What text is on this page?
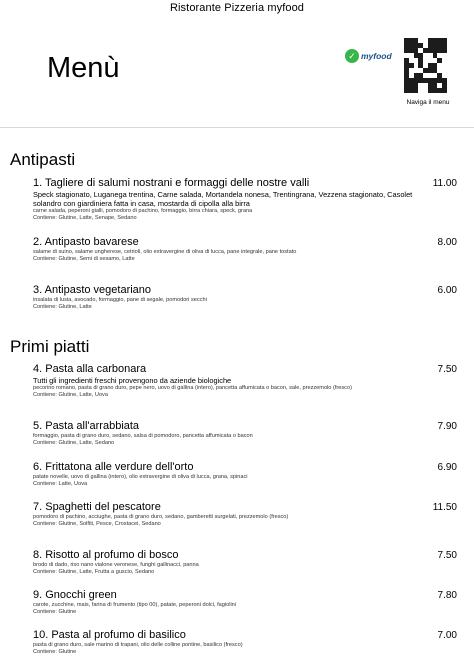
Ristorante Pizzeria myfood
Menù	✓ myfood
Naviga il menu
Antipasti
1. Tagliere di salumi nostrani e formaggi delle nostre valli
Speck stagionato, Luganega trentina, Carne salada, Mortandela nonesa, Trentingrana, Vezzena stagionato, Casolet solandro con giardiniera fatta in casa, mostarda di cipolla alla birra
carne salada, peperoni gialli, pomodoro di pachino, formaggio, birra chiara, speck, grana
Contiene: Glutine, Latte, Senape, Sedano
11.00
2. Antipasto bavarese
salame di suino, salame ungherese, cetrioli, olio extravergine di oliva di lucca, pane integrale, pane tostato
Contiene: Glutine, Semi di sesamo, Latte
8.00
3. Antipasto vegetariano
insalata di lusia, avocado, formaggio, pane di segale, pomodori secchi
Contiene: Glutine, Latte
6.00
Primi piatti
4. Pasta alla carbonara
Tutti gli ingredienti freschi provengono da aziende biologiche
pecorino romano, pasta di grano duro, pepe nero, uovo di gallina (intero), pancetta affumicata o bacon, sale, prezzemolo (fresco)
Contiene: Glutine, Latte, Uova
7.50
5. Pasta all'arrabbiata
formaggio, pasta di grano duro, sedano, salsa di pomodoro, pancetta affumicata o bacon
Contiene: Glutine, Latte, Sedano
7.90
6. Frittatona alle verdure dell'orto
patate novelle, uovo di gallina (intero), olio extravergine di oliva di lucca, grana, spinaci
Contiene: Latte, Uova
6.90
7. Spaghetti del pescatore
pomodoro di pachino, acciughe, pasta di grano duro, sedano, gamberetti surgelati, prezzemolo (fresco)
Contiene: Glutine, Solfiti, Pesce, Crostacei, Sedano
11.50
8. Risotto al profumo di bosco
brodo di dado, riso nano vialone veronese, funghi gallinacci, panna
Contiene: Glutine, Latte, Frutta a guscio, Sedano
7.50
9. Gnocchi green
carote, zucchine, mais, farina di frumento (tipo 00), patate, peperoni dolci, fagiolini
Contiene: Glutine
7.80
10. Pasta al profumo di basilico
pasta di grano duro, sale marino di trapani, olio delle colline pontine, basilico (fresco)
Contiene: Glutine
7.00
